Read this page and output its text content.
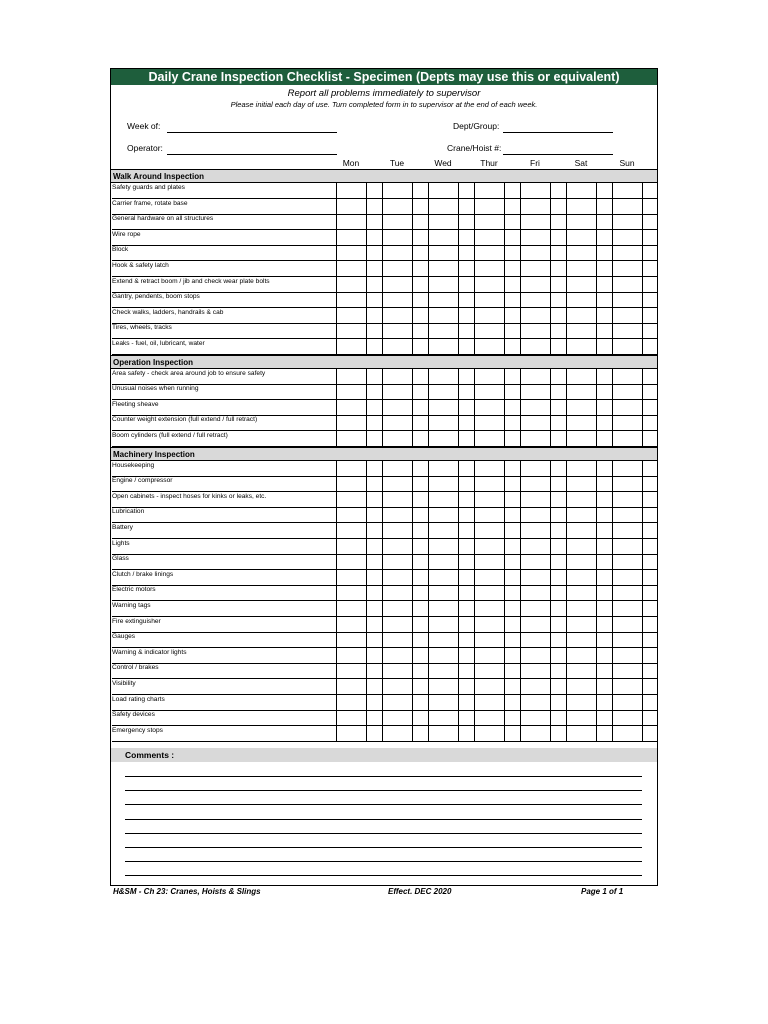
Daily Crane Inspection Checklist - Specimen (Depts may use this or equivalent)
Report all problems immediately to supervisor
Please initial each day of use. Turn completed form in to supervisor at the end of each week.
Week of:
Operator:
Dept/Group:
Crane/Hoist #:
Mon	Tue	Wed	Thur	Fri	Sat	Sun
Walk Around Inspection
Safety guards and plates
Carrier frame, rotate base
General hardware on all structures
Wire rope
Block
Hook & safety latch
Extend & retract boom / jib and check wear plate bolts
Gantry, pendents, boom stops
Check walks, ladders, handrails & cab
Tires, wheels, tracks
Leaks - fuel, oil, lubricant, water
Operation Inspection
Area safety - check area around job to ensure safety
Unusual noises when running
Fleeting sheave
Counter weight extension (full extend / full retract)
Boom cylinders (full extend / full retract)
Machinery Inspection
Housekeeping
Engine / compressor
Open cabinets - inspect hoses for kinks or leaks, etc.
Lubrication
Battery
Lights
Glass
Clutch / brake linings
Electric motors
Warning tags
Fire extinguisher
Gauges
Warning & indicator lights
Control / brakes
Visibility
Load rating charts
Safety devices
Emergency stops
Comments :
H&SM - Ch 23: Cranes, Hoists & Slings	Effect. DEC 2020	Page 1 of 1
